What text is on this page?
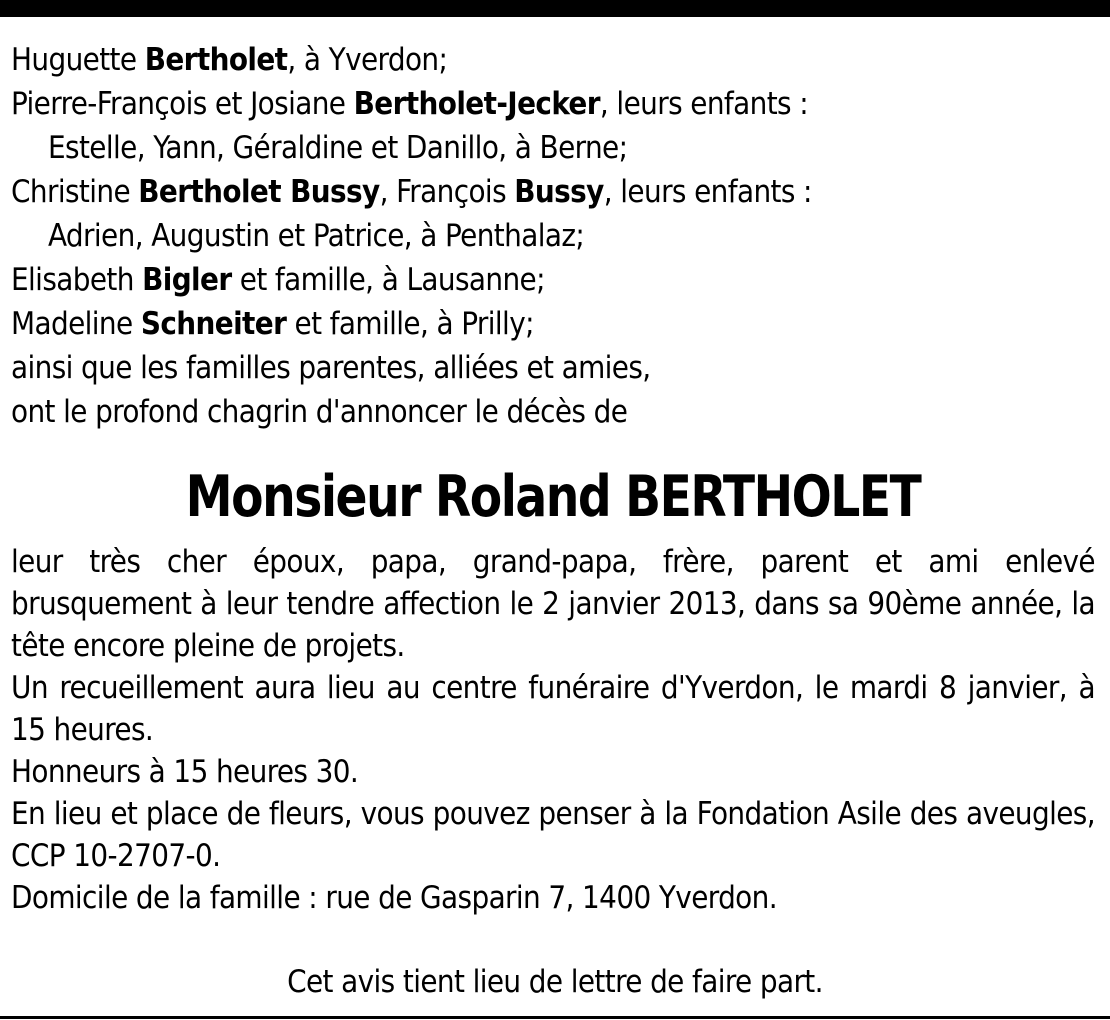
Huguette Bertholet, à Yverdon;
Pierre-François et Josiane Bertholet-Jecker, leurs enfants :
Estelle, Yann, Géraldine et Danillo, à Berne;
Christine Bertholet Bussy, François Bussy, leurs enfants :
Adrien, Augustin et Patrice, à Penthalaz;
Elisabeth Bigler et famille, à Lausanne;
Madeline Schneiter et famille, à Prilly;
ainsi que les familles parentes, alliées et amies,
ont le profond chagrin d'annoncer le décès de
Monsieur Roland BERTHOLET

leur très cher époux, papa, grand-papa, frère, parent et ami enlevé brusquement à leur tendre affection le 2 janvier 2013, dans sa 90ème année, la tête encore pleine de projets.

Un recueillement aura lieu au centre funéraire d'Yverdon, le mardi 8 janvier, à 15 heures.

Honneurs à 15 heures 30.

En lieu et place de fleurs, vous pouvez penser à la Fondation Asile des aveugles, CCP 10-2707-0.

Domicile de la famille : rue de Gasparin 7, 1400 Yverdon.

Cet avis tient lieu de lettre de faire part.
